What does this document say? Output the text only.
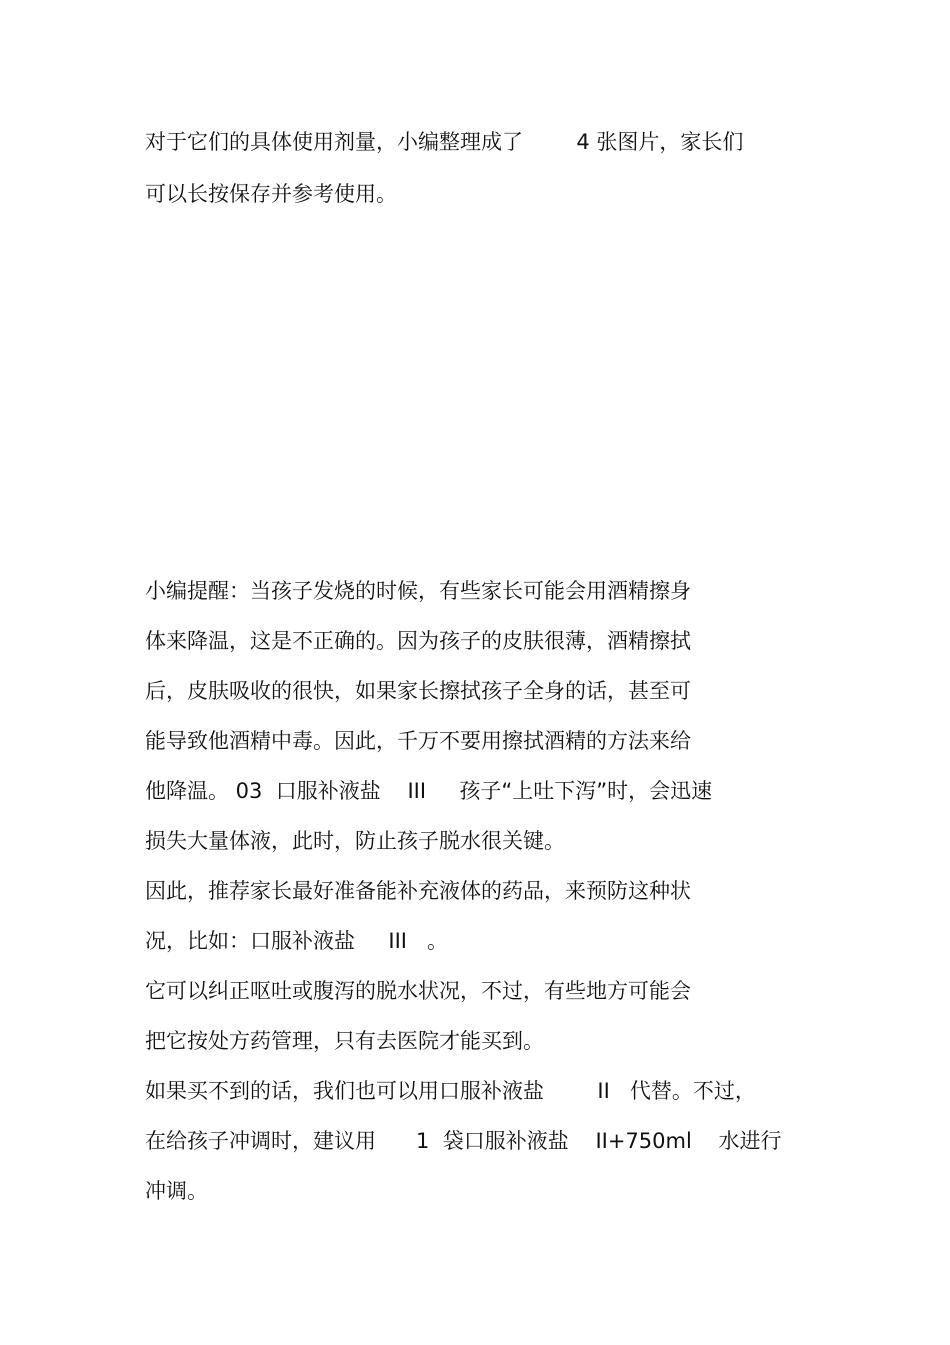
对于它们的具体使用剂量，小编整理成了        4 张图片，家长们

可以长按保存并参考使用。

小编提醒：当孩子发烧的时候，有些家长可能会用酒精擦身

体来降温，这是不正确的。因为孩子的皮肤很薄，酒精擦拭

后，皮肤吸收的很快，如果家长擦拭孩子全身的话，甚至可

能导致他酒精中毒。因此，千万不要用擦拭酒精的方法来给

他降温。 03  口服补液盐    III     孩子“上吐下泻”时，会迅速

损失大量体液，此时，防止孩子脱水很关键。

因此，推荐家长最好准备能补充液体的药品，来预防这种状

况，比如：口服补液盐     III   。

它可以纠正呕吐或腹泻的脱水状况，不过，有些地方可能会

把它按处方药管理，只有去医院才能买到。

如果买不到的话，我们也可以用口服补液盐        II   代替。不过，

在给孩子冲调时，建议用      1  袋口服补液盐    II+750ml    水进行

冲调。
